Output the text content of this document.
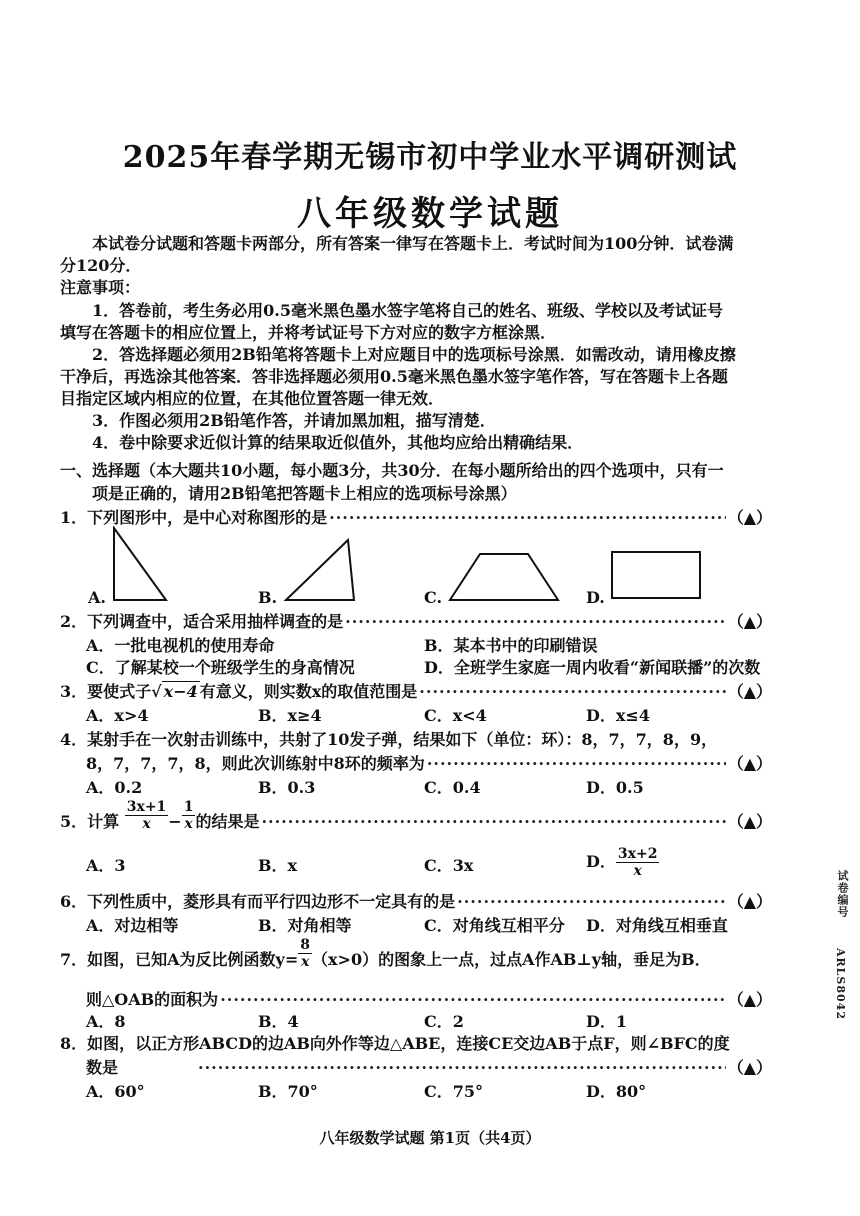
2025年春学期无锡市初中学业水平调研测试
八年级数学试题
本试卷分试题和答题卡两部分，所有答案一律写在答题卡上．考试时间为100分钟．试卷满
分120分．
注意事项：
1．答卷前，考生务必用0.5毫米黑色墨水签字笔将自己的姓名、班级、学校以及考试证号
填写在答题卡的相应位置上，并将考试证号下方对应的数字方框涂黑．
2．答选择题必须用2B铅笔将答题卡上对应题目中的选项标号涂黑．如需改动，请用橡皮擦
干净后，再选涂其他答案．答非选择题必须用0.5毫米黑色墨水签字笔作答，写在答题卡上各题
目指定区域内相应的位置，在其他位置答题一律无效．
3．作图必须用2B铅笔作答，并请加黑加粗，描写清楚．
4．卷中除要求近似计算的结果取近似值外，其他均应给出精确结果．
一、选择题（本大题共10小题，每小题3分，共30分．在每小题所给出的四个选项中，只有一
项是正确的，请用2B铅笔把答题卡上相应的选项标号涂黑）
1． 下列图形中，是中心对称图形的是 ·····	（▲）
A.	B.	C.	D.
2． 下列调查中，适合采用抽样调查的是 ·····	（▲）
A．一批电视机的使用寿命	B．某本书中的印刷错误
C．了解某校一个班级学生的身高情况	D．全班学生家庭一周内收看“新闻联播”的次数
3． 要使式子√ x−4 有意义，则实数x的取值范围是 ·····	（▲）
A．x>4	B．x≥4	C．x<4	D．x≤4
4．某射手在一次射击训练中，共射了10发子弹，结果如下（单位：环）：8，7，7，8，9，
8，7，7，7，8，则此次训练射中8环的频率为 ·····	（▲）
A．0.2	B．0.3	C．0.4	D．0.5
5． 计算 $\frac{3x+1}{x} - \frac{1}{x}$ 的结果是 ·····	（▲）
A．3	B．x	C．3x	D． $\frac{3x+2}{x}$
6． 下列性质中，菱形具有而平行四边形不一定具有的是 ·····	（▲）
A．对边相等	B．对角相等	C．对角线互相平分 D．对角线互相垂直
7．如图，已知A为反比例函数$y= \frac{8}{x} (x>0)$的图象上一点，过点A作AB⊥y轴，垂足为B．
则△OAB的面积为 ·····	（▲）
A．8	B．4	C．2	D．1
8．如图，以正方形ABCD的边AB向外作等边△ABE，连接CE交边AB于点F，则∠BFC的度
数是 ·····	（▲）
A．60°	B．70°	C．75°	D．80°
八年级数学试题 第1页（共4页）
试卷编号
ARLS8042
